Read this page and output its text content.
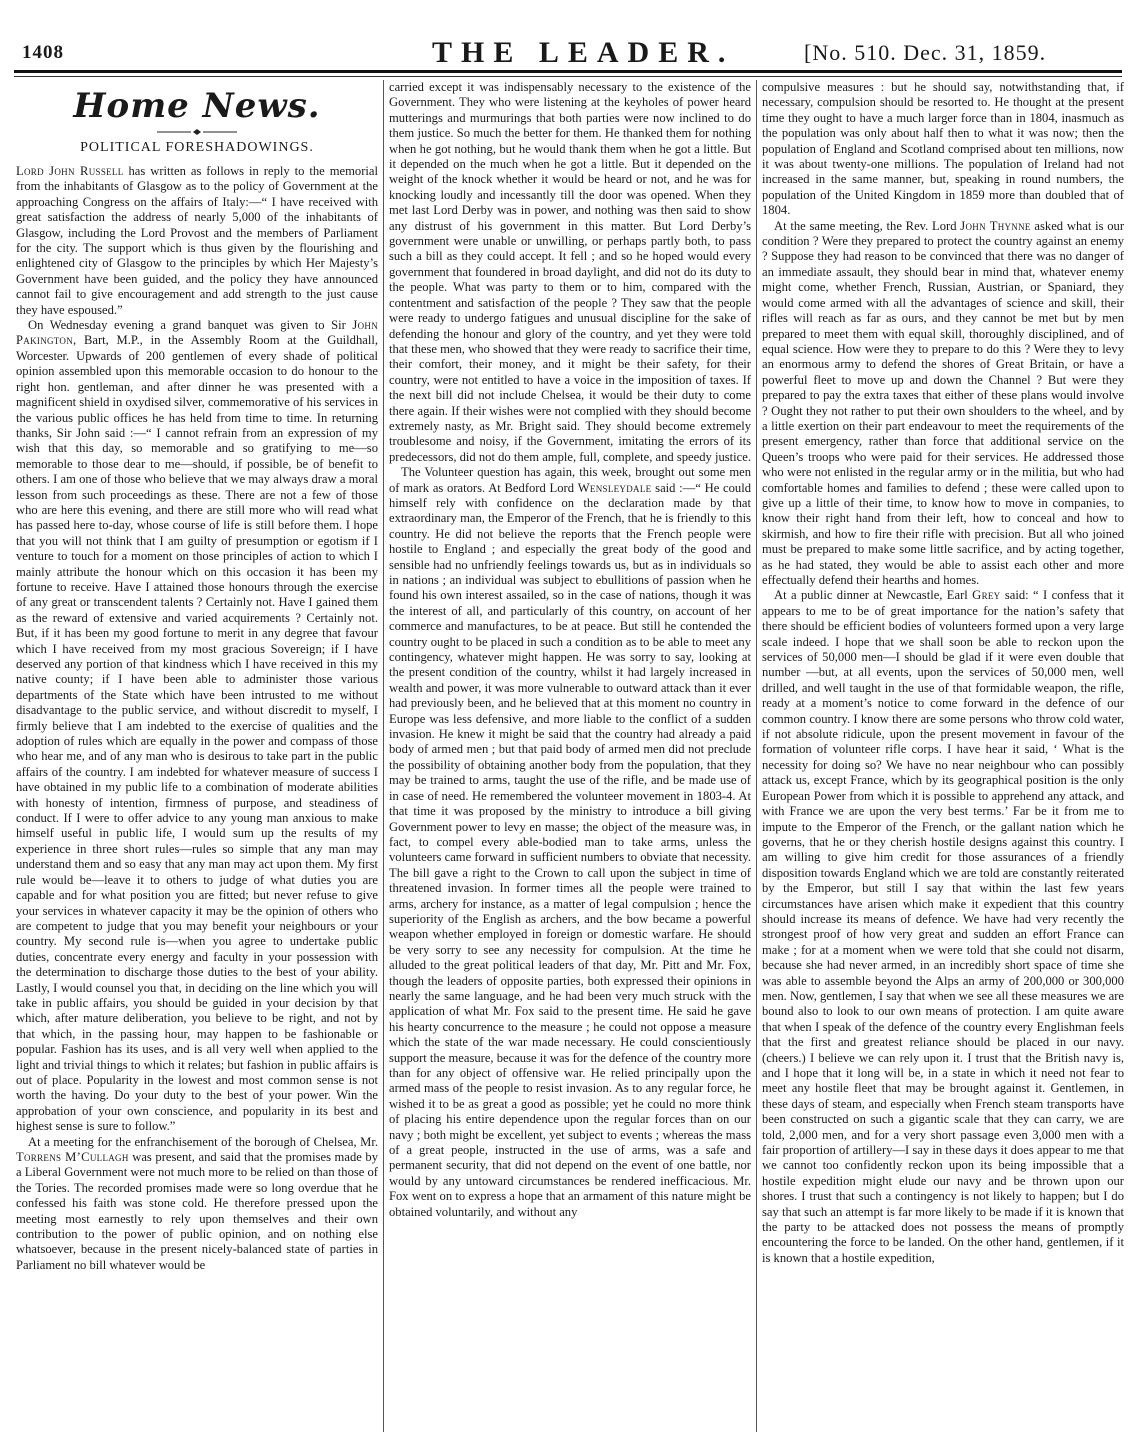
1408	THE LEADER.	[No. 510. Dec. 31, 1859.
Home News.
POLITICAL FORESHADOWINGS.

Lord John Russell has written as follows in reply to the memorial from the inhabitants of Glasgow as to the policy of Government at the approaching Congress on the affairs of Italy:—“ I have received with great satisfaction the address of nearly 5,000 of the inhabitants of Glasgow, including the Lord Provost and the members of Parliament for the city. The support which is thus given by the flourishing and enlightened city of Glasgow to the principles by which Her Majesty’s Government have been guided, and the policy they have announced cannot fail to give encouragement and add strength to the just cause they have espoused.”

On Wednesday evening a grand banquet was given to Sir John Pakington, Bart, M.P., in the Assembly Room at the Guildhall, Worcester. Upwards of 200 gentlemen of every shade of political opinion assembled upon this memorable occasion to do honour to the right hon. gentleman, and after dinner he was presented with a magnificent shield in oxydised silver, commemorative of his services in the various public offices he has held from time to time. In returning thanks, Sir John said :—“ I cannot refrain from an expression of my wish that this day, so memorable and so gratifying to me—so memorable to those dear to me—should, if possible, be of benefit to others. I am one of those who believe that we may always draw a moral lesson from such proceedings as these. There are not a few of those who are here this evening, and there are still more who will read what has passed here to-day, whose course of life is still before them. I hope that you will not think that I am guilty of presumption or egotism if I venture to touch for a moment on those principles of action to which I mainly attribute the honour which on this occasion it has been my fortune to receive. Have I attained those honours through the exercise of any great or transcendent talents ? Certainly not. Have I gained them as the reward of extensive and varied acquirements ? Certainly not. But, if it has been my good fortune to merit in any degree that favour which I have received from my most gracious Sovereign; if I have deserved any portion of that kindness which I have received in this my native county; if I have been able to administer those various departments of the State which have been intrusted to me without disadvantage to the public service, and without discredit to myself, I firmly believe that I am indebted to the exercise of qualities and the adoption of rules which are equally in the power and compass of those who hear me, and of any man who is desirous to take part in the public affairs of the country. I am indebted for whatever measure of success I have obtained in my public life to a combination of moderate abilities with honesty of intention, firmness of purpose, and steadiness of conduct. If I were to offer advice to any young man anxious to make himself useful in public life, I would sum up the results of my experience in three short rules—rules so simple that any man may understand them and so easy that any man may act upon them. My first rule would be—leave it to others to judge of what duties you are capable and for what position you are fitted; but never refuse to give your services in whatever capacity it may be the opinion of others who are competent to judge that you may benefit your neighbours or your country. My second rule is—when you agree to undertake public duties, concentrate every energy and faculty in your possession with the determination to discharge those duties to the best of your ability. Lastly, I would counsel you that, in deciding on the line which you will take in public affairs, you should be guided in your decision by that which, after mature deliberation, you believe to be right, and not by that which, in the passing hour, may happen to be fashionable or popular. Fashion has its uses, and is all very well when applied to the light and trivial things to which it relates; but fashion in public affairs is out of place. Popularity in the lowest and most common sense is not worth the having. Do your duty to the best of your power. Win the approbation of your own conscience, and popularity in its best and highest sense is sure to follow.”

At a meeting for the enfranchisement of the borough of Chelsea, Mr. Torrens M’Cullagh was present, and said that the promises made by a Liberal Government were not much more to be relied on than those of the Tories. The recorded promises made were so long overdue that he confessed his faith was stone cold. He therefore pressed upon the meeting most earnestly to rely upon themselves and their own contribution to the power of public opinion, and on nothing else whatsoever, because in the present nicely-balanced state of parties in Parliament no bill whatever would be

carried except it was indispensably necessary to the existence of the Government. They who were listening at the keyholes of power heard mutterings and murmurings that both parties were now inclined to do them justice. So much the better for them. He thanked them for nothing when he got nothing, but he would thank them when he got a little. But it depended on the much when he got a little. But it depended on the weight of the knock whether it would be heard or not, and he was for knocking loudly and incessantly till the door was opened. When they met last Lord Derby was in power, and nothing was then said to show any distrust of his government in this matter. But Lord Derby’s government were unable or unwilling, or perhaps partly both, to pass such a bill as they could accept. It fell ; and so he hoped would every government that foundered in broad daylight, and did not do its duty to the people. What was party to them or to him, compared with the contentment and satisfaction of the people ? They saw that the people were ready to undergo fatigues and unusual discipline for the sake of defending the honour and glory of the country, and yet they were told that these men, who showed that they were ready to sacrifice their time, their comfort, their money, and it might be their safety, for their country, were not entitled to have a voice in the imposition of taxes. If the next bill did not include Chelsea, it would be their duty to come there again. If their wishes were not complied with they should become extremely nasty, as Mr. Bright said. They should become extremely troublesome and noisy, if the Government, imitating the errors of its predecessors, did not do them ample, full, complete, and speedy justice.

The Volunteer question has again, this week, brought out some men of mark as orators. At Bedford Lord Wensleydale said :—“ He could himself rely with confidence on the declaration made by that extraordinary man, the Emperor of the French, that he is friendly to this country. He did not believe the reports that the French people were hostile to England ; and especially the great body of the good and sensible had no unfriendly feelings towards us, but as in individuals so in nations ; an individual was subject to ebullitions of passion when he found his own interest assailed, so in the case of nations, though it was the interest of all, and particularly of this country, on account of her commerce and manufactures, to be at peace. But still he contended the country ought to be placed in such a condition as to be able to meet any contingency, whatever might happen. He was sorry to say, looking at the present condition of the country, whilst it had largely increased in wealth and power, it was more vulnerable to outward attack than it ever had previously been, and he believed that at this moment no country in Europe was less defensive, and more liable to the conflict of a sudden invasion. He knew it might be said that the country had already a paid body of armed men ; but that paid body of armed men did not preclude the possibility of obtaining another body from the population, that they may be trained to arms, taught the use of the rifle, and be made use of in case of need. He remembered the volunteer movement in 1803-4. At that time it was proposed by the ministry to introduce a bill giving Government power to levy en masse; the object of the measure was, in fact, to compel every able-bodied man to take arms, unless the volunteers came forward in sufficient numbers to obviate that necessity. The bill gave a right to the Crown to call upon the subject in time of threatened invasion. In former times all the people were trained to arms, archery for instance, as a matter of legal compulsion ; hence the superiority of the English as archers, and the bow became a powerful weapon whether employed in foreign or domestic warfare. He should be very sorry to see any necessity for compulsion. At the time he alluded to the great political leaders of that day, Mr. Pitt and Mr. Fox, though the leaders of opposite parties, both expressed their opinions in nearly the same language, and he had been very much struck with the application of what Mr. Fox said to the present time. He said he gave his hearty concurrence to the measure ; he could not oppose a measure which the state of the war made necessary. He could conscientiously support the measure, because it was for the defence of the country more than for any object of offensive war. He relied principally upon the armed mass of the people to resist invasion. As to any regular force, he wished it to be as great a good as possible; yet he could no more think of placing his entire dependence upon the regular forces than on our navy ; both might be excellent, yet subject to events ; whereas the mass of a great people, instructed in the use of arms, was a safe and permanent security, that did not depend on the event of one battle, nor would by any untoward circumstances be rendered inefficacious. Mr. Fox went on to express a hope that an armament of this nature might be obtained voluntarily, and without any

compulsive measures : but he should say, notwithstanding that, if necessary, compulsion should be resorted to. He thought at the present time they ought to have a much larger force than in 1804, inasmuch as the population was only about half then to what it was now; then the population of England and Scotland comprised about ten millions, now it was about twenty-one millions. The population of Ireland had not increased in the same manner, but, speaking in round numbers, the population of the United Kingdom in 1859 more than doubled that of 1804.

At the same meeting, the Rev. Lord John Thynne asked what is our condition ? Were they prepared to protect the country against an enemy ? Suppose they had reason to be convinced that there was no danger of an immediate assault, they should bear in mind that, whatever enemy might come, whether French, Russian, Austrian, or Spaniard, they would come armed with all the advantages of science and skill, their rifles will reach as far as ours, and they cannot be met but by men prepared to meet them with equal skill, thoroughly disciplined, and of equal science. How were they to prepare to do this ? Were they to levy an enormous army to defend the shores of Great Britain, or have a powerful fleet to move up and down the Channel ? But were they prepared to pay the extra taxes that either of these plans would involve ? Ought they not rather to put their own shoulders to the wheel, and by a little exertion on their part endeavour to meet the requirements of the present emergency, rather than force that additional service on the Queen’s troops who were paid for their services. He addressed those who were not enlisted in the regular army or in the militia, but who had comfortable homes and families to defend ; these were called upon to give up a little of their time, to know how to move in companies, to know their right hand from their left, how to conceal and how to skirmish, and how to fire their rifle with precision. But all who joined must be prepared to make some little sacrifice, and by acting together, as he had stated, they would be able to assist each other and more effectually defend their hearths and homes.

At a public dinner at Newcastle, Earl Grey said: “ I confess that it appears to me to be of great importance for the nation’s safety that there should be efficient bodies of volunteers formed upon a very large scale indeed. I hope that we shall soon be able to reckon upon the services of 50,000 men—I should be glad if it were even double that number —but, at all events, upon the services of 50,000 men, well drilled, and well taught in the use of that formidable weapon, the rifle, ready at a moment’s notice to come forward in the defence of our common country. I know there are some persons who throw cold water, if not absolute ridicule, upon the present movement in favour of the formation of volunteer rifle corps. I have hear it said, ‘ What is the necessity for doing so? We have no near neighbour who can possibly attack us, except France, which by its geographical position is the only European Power from which it is possible to apprehend any attack, and with France we are upon the very best terms.’ Far be it from me to impute to the Emperor of the French, or the gallant nation which he governs, that he or they cherish hostile designs against this country. I am willing to give him credit for those assurances of a friendly disposition towards England which we are told are constantly reiterated by the Emperor, but still I say that within the last few years circumstances have arisen which make it expedient that this country should increase its means of defence. We have had very recently the strongest proof of how very great and sudden an effort France can make ; for at a moment when we were told that she could not disarm, because she had never armed, in an incredibly short space of time she was able to assemble beyond the Alps an army of 200,000 or 300,000 men. Now, gentlemen, I say that when we see all these measures we are bound also to look to our own means of protection. I am quite aware that when I speak of the defence of the country every Englishman feels that the first and greatest reliance should be placed in our navy. (cheers.) I believe we can rely upon it. I trust that the British navy is, and I hope that it long will be, in a state in which it need not fear to meet any hostile fleet that may be brought against it. Gentlemen, in these days of steam, and especially when French steam transports have been constructed on such a gigantic scale that they can carry, we are told, 2,000 men, and for a very short passage even 3,000 men with a fair proportion of artillery—I say in these days it does appear to me that we cannot too confidently reckon upon its being impossible that a hostile expedition might elude our navy and be thrown upon our shores. I trust that such a contingency is not likely to happen; but I do say that such an attempt is far more likely to be made if it is known that the party to be attacked does not possess the means of promptly encountering the force to be landed. On the other hand, gentlemen, if it is known that a hostile expedition,
